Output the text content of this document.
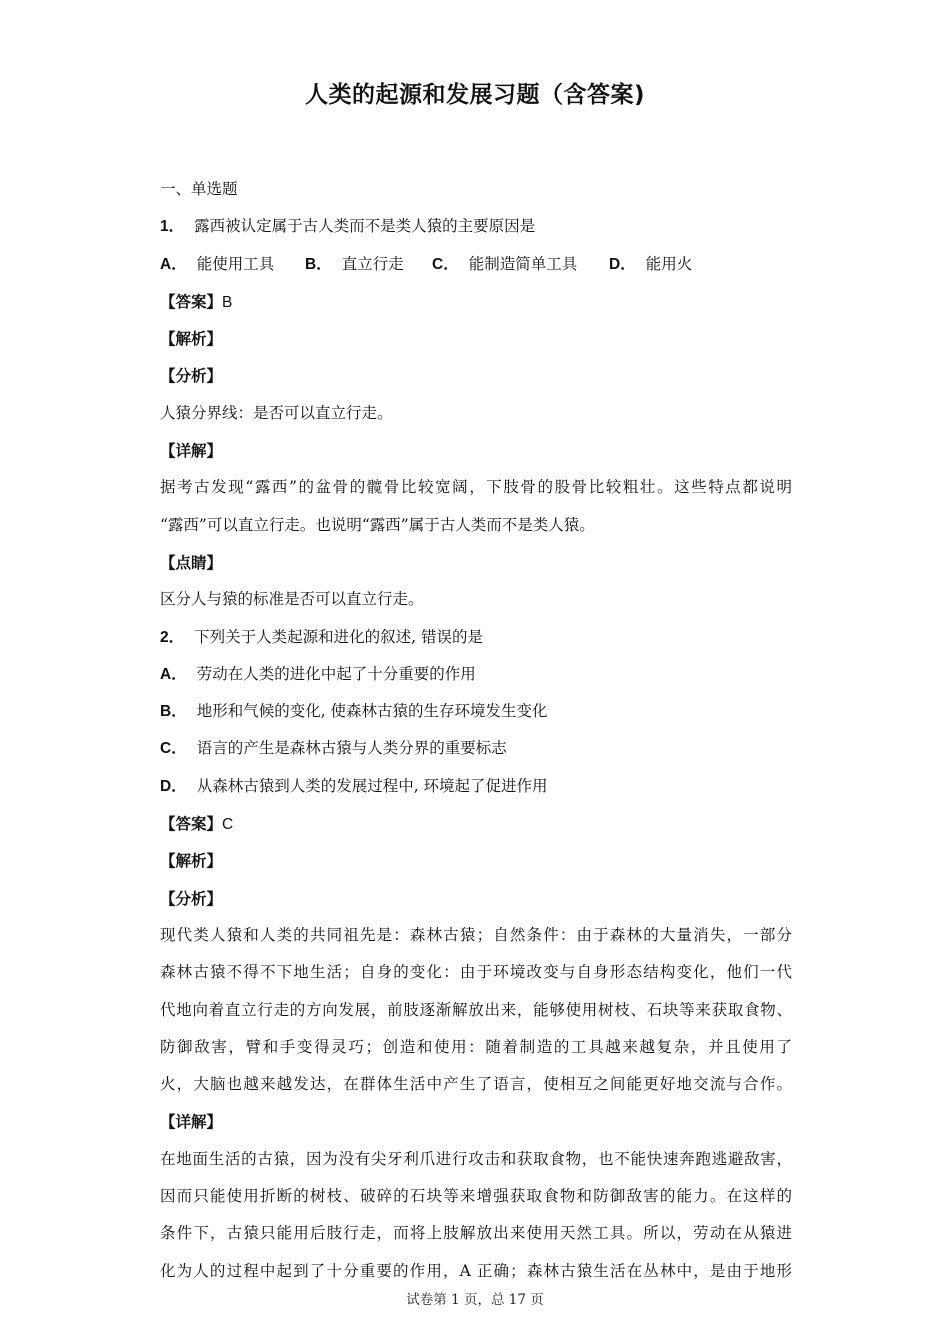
人类的起源和发展习题（含答案)
一、单选题
1． 露西被认定属于古人类而不是类人猿的主要原因是
A． 能使用工具 B． 直立行走 C． 能制造简单工具 D． 能用火
【答案】B
【解析】
【分析】
人猿分界线：是否可以直立行走。
【详解】
据考古发现“露西”的盆骨的髋骨比较宽阔，下肢骨的股骨比较粗壮。这些特点都说明
“露西”可以直立行走。也说明“露西”属于古人类而不是类人猿。
【点睛】
区分人与猿的标准是否可以直立行走。
2． 下列关于人类起源和进化的叙述, 错误的是
A． 劳动在人类的进化中起了十分重要的作用
B． 地形和气候的变化, 使森林古猿的生存环境发生变化
C． 语言的产生是森林古猿与人类分界的重要标志
D． 从森林古猿到人类的发展过程中, 环境起了促进作用
【答案】C
【解析】
【分析】
现代类人猿和人类的共同祖先是：森林古猿；自然条件：由于森林的大量消失，一部分
森林古猿不得不下地生活；自身的变化：由于环境改变与自身形态结构变化，他们一代
代地向着直立行走的方向发展，前肢逐渐解放出来，能够使用树枝、石块等来获取食物、
防御敌害，臂和手变得灵巧；创造和使用：随着制造的工具越来越复杂，并且使用了
火，大脑也越来越发达，在群体生活中产生了语言，使相互之间能更好地交流与合作。
【详解】
在地面生活的古猿，因为没有尖牙利爪进行攻击和获取食物，也不能快速奔跑逃避敌害，
因而只能使用折断的树枝、破碎的石块等来增强获取食物和防御敌害的能力。在这样的
条件下，古猿只能用后肢行走，而将上肢解放出来使用天然工具。所以，劳动在从猿进
化为人的过程中起到了十分重要的作用，A 正确；森林古猿生活在丛林中，是由于地形
试卷第 1 页，总 17 页
